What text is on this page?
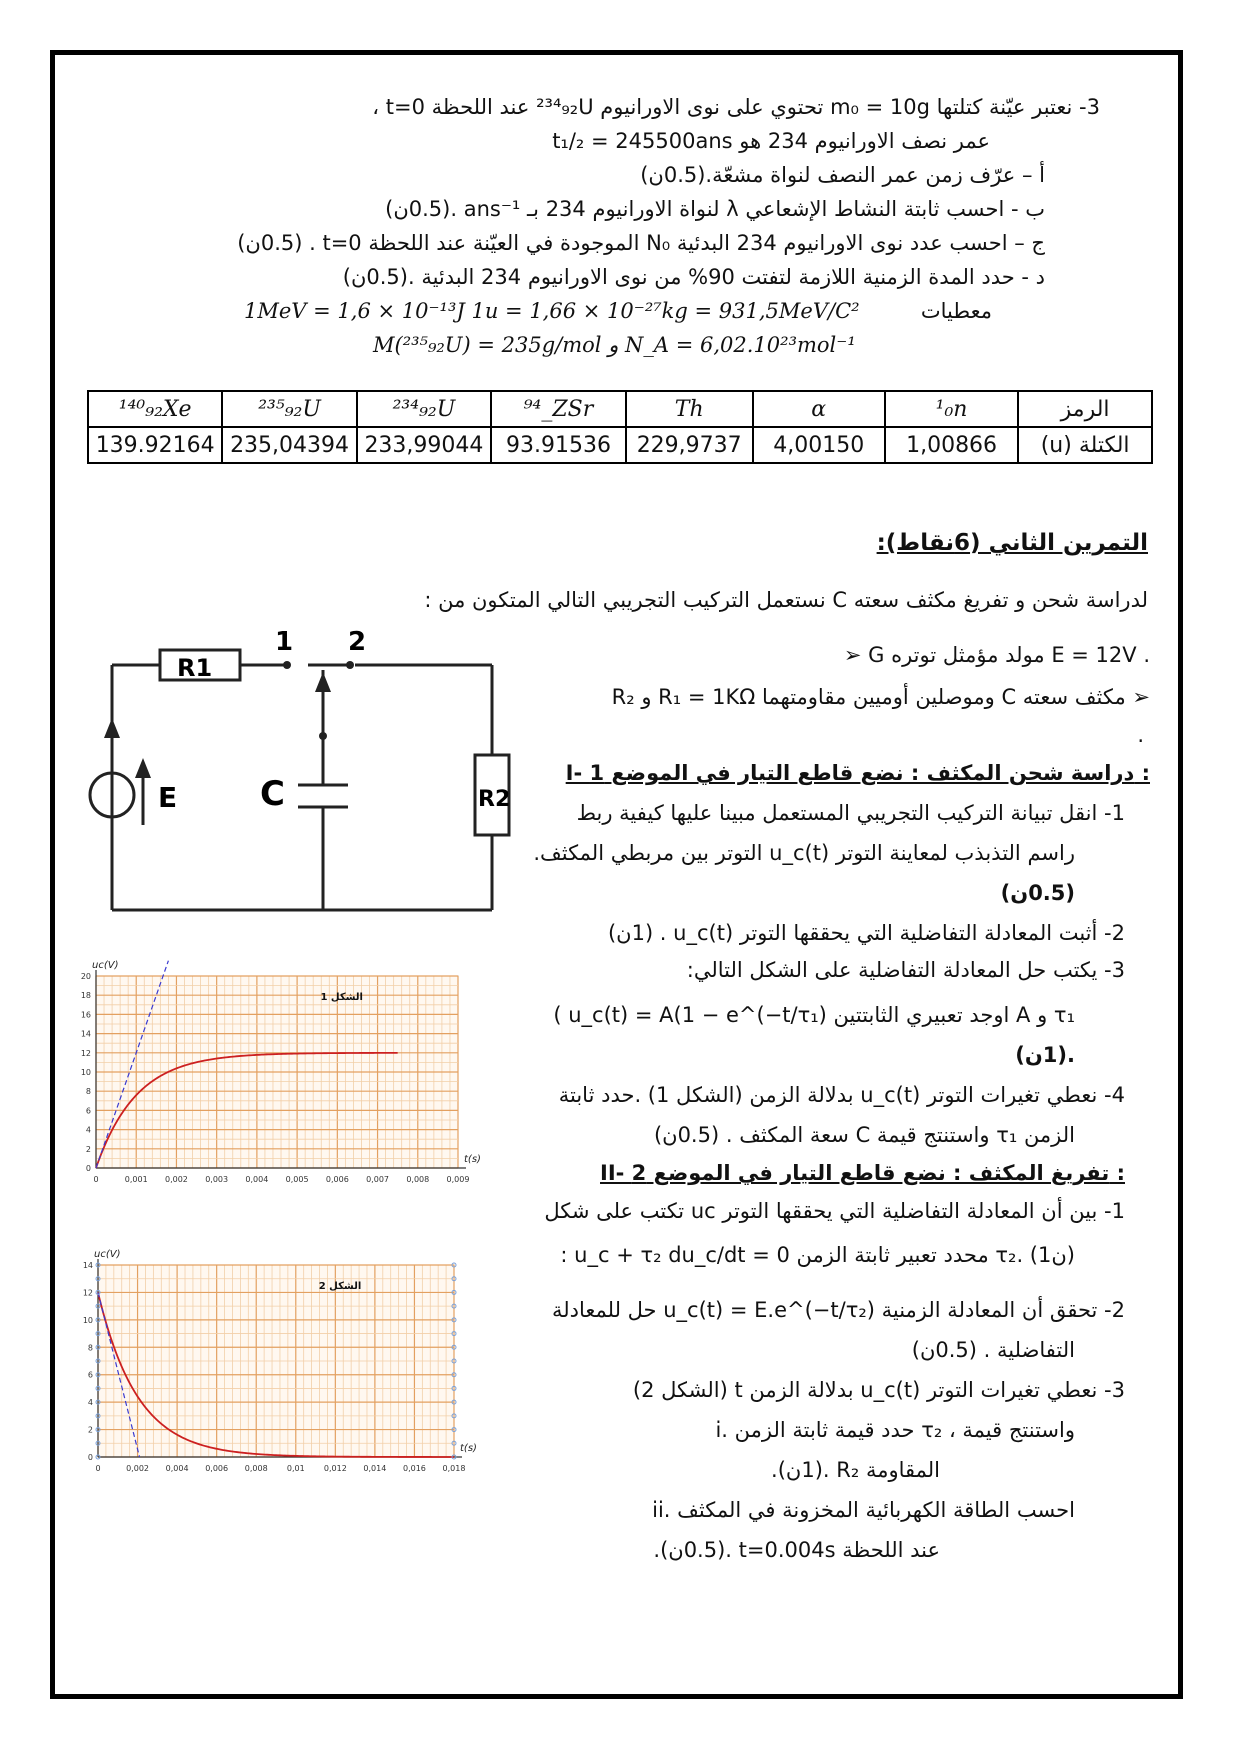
3- نعتبر عيّنة كتلتها m₀ = 10g تحتوي على نوى الاورانيوم ²³⁴₉₂U عند اللحظة t=0 ،
عمر نصف الاورانيوم 234 هو t₁/₂ = 245500ans
أ – عرّف زمن عمر النصف لنواة مشعّة.(0.5ن)
ب - احسب ثابتة النشاط الإشعاعي λ لنواة الاورانيوم 234 بـ ans⁻¹ .(0.5ن)
ج – احسب عدد نوى الاورانيوم 234 البدئية N₀ الموجودة في العيّنة عند اللحظة t=0 . (0.5ن)
د - حدد المدة الزمنية اللازمة لتفتت 90% من نوى الاورانيوم 234 البدئية .(0.5ن)
معطيات
1MeV = 1,6 × 10⁻¹³J 1u = 1,66 × 10⁻²⁷kg = 931,5MeV/C²
M(²³⁵₉₂U) = 235g/mol و N_A = 6,02.10²³mol⁻¹
¹⁴⁰₉₂Xe	²³⁵₉₂U	²³⁴₉₂U	⁹⁴_ZSr	Th	α	¹₀n	الرمز
139.92164	235,04394	233,99044	93.91536	229,9737	4,00150	1,00866	الكتلة (u)
التمرين الثاني (6نقاط):
لدراسة شحن و تفريغ مكثف سعته C نستعمل التركيب التجريبي التالي المتكون من :
➢ G مولد مؤمثل توتره E = 12V .
➢ مكثف سعته C وموصلين أوميين مقاومتهما R₁ = 1KΩ و R₂
.
I- دراسة شحن المكثف : نضع قاطع التيار في الموضع 1 :
1- انقل تبيانة التركيب التجريبي المستعمل مبينا عليها كيفية ربط
راسم التذبذب لمعاينة التوتر u_c(t) التوتر بين مربطي المكثف.
(0.5ن)
2- أثبت المعادلة التفاضلية التي يحققها التوتر u_c(t) . (1ن)
3- يكتب حل المعادلة التفاضلية على الشكل التالي:
( u_c(t) = A(1 − e^(−t/τ₁) اوجد تعبيري الثابتتين A و τ₁
.(1ن)
4- نعطي تغيرات التوتر u_c(t) بدلالة الزمن (الشكل 1) .حدد ثابتة
الزمن τ₁ واستنتج قيمة C سعة المكثف . (0.5ن)
II- تفريغ المكثف : نضع قاطع التيار في الموضع 2 :
1- بين أن المعادلة التفاضلية التي يحققها التوتر uc تكتب على شكل
: u_c + τ₂ du_c/dt = 0 محدد تعبير ثابتة الزمن τ₂. (1ن)
2- تحقق أن المعادلة الزمنية u_c(t) = E.e^(−t/τ₂) حل للمعادلة
التفاضلية . (0.5ن)
3- نعطي تغيرات التوتر u_c(t) بدلالة الزمن t (الشكل 2)
i. حدد قيمة ثابتة الزمن τ₂ ، واستنتج قيمة
المقاومة R₂ .(1ن).
ii. احسب الطاقة الكهربائية المخزونة في المكثف
عند اللحظة t=0.004s .(0.5ن).
1 2
R1
R2
C
E
0	0,001 0,002 0,003 0,004 0,005 0,006 0,007 0,008 0,009
0
2
4
6
8
10
12
14
16
18
20
uc(V)
t(s)
الشكل 1
0	0,002 0,004 0,006 0,008 0,01 0,012 0,014 0,016 0,018
0
2
4
6
8
10
12
14
uc(V)
t(s)
الشكل 2
